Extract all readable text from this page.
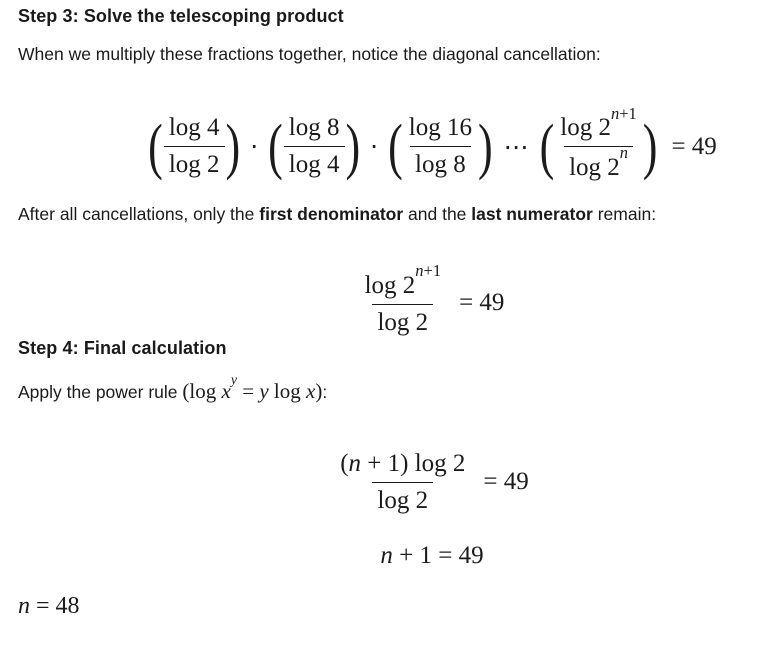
Step 3: Solve the telescoping product

When we multiply these fractions together, notice the diagonal cancellation:

( $\frac{\log 4}{\log 2}$ ) ⋅ ( $\frac{\log 8}{\log 4}$ ) ⋅ ( $\frac{\log 16}{\log 8}$ ) ⋯ ( $\frac{\log 2^{n+1}}{\log 2^n}$ ) = 49

After all cancellations, only the first denominator and the last numerator remain:

$\frac{\log 2^{n+1}}{\log 2} = 49$
Step 4: Final calculation

Apply the power rule (log $x^y = y$ log x):

$\frac{(n + 1) \log 2}{\log 2} = 49$
n + 1 = 49

n = 48
